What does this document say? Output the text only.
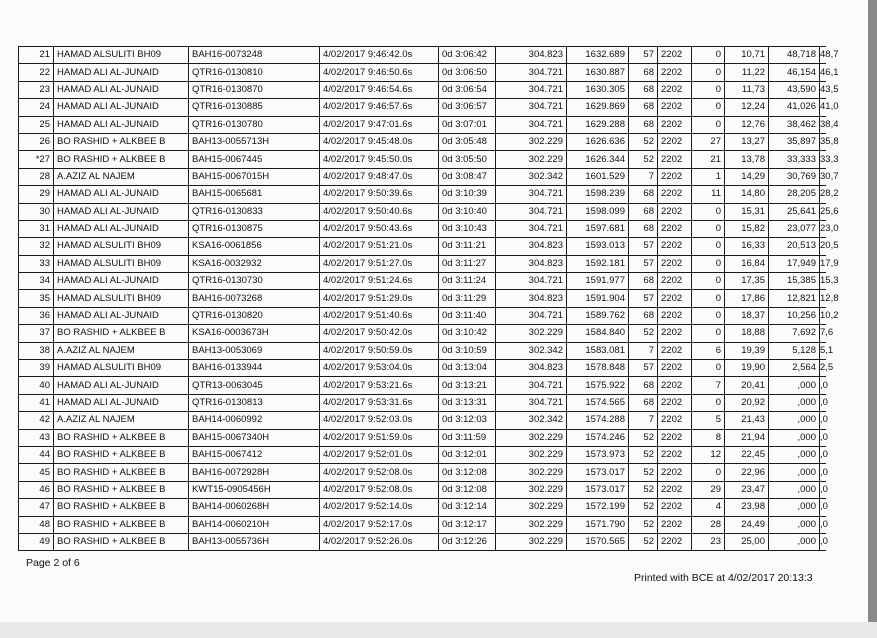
21	HAMAD ALSULITI BH09	BAH16-0073248	4/02/2017 9:46:42.0s	0d 3:06:42	304.823	1632.689	57	2202	0	10,71	48,718	48,7
22	HAMAD ALI AL-JUNAID	QTR16-0130810	4/02/2017 9:46:50.6s	0d 3:06:50	304.721	1630.887	68	2202	0	11,22	46,154	46,1
23	HAMAD ALI AL-JUNAID	QTR16-0130870	4/02/2017 9:46:54.6s	0d 3:06:54	304.721	1630.305	68	2202	0	11,73	43,590	43,5
24	HAMAD ALI AL-JUNAID	QTR16-0130885	4/02/2017 9:46:57.6s	0d 3:06:57	304.721	1629.869	68	2202	0	12,24	41,026	41,0
25	HAMAD ALI AL-JUNAID	QTR16-0130780	4/02/2017 9:47:01.6s	0d 3:07:01	304.721	1629.288	68	2202	0	12,76	38,462	38,4
26	BO RASHID + ALKBEE B	BAH13-0055713H	4/02/2017 9:45:48.0s	0d 3:05:48	302.229	1626.636	52	2202	27	13,27	35,897	35,8
*27	BO RASHID + ALKBEE B	BAH15-0067445	4/02/2017 9:45:50.0s	0d 3:05:50	302.229	1626.344	52	2202	21	13,78	33,333	33,3
28	A.AZIZ AL NAJEM	BAH15-0067015H	4/02/2017 9:48:47.0s	0d 3:08:47	302.342	1601.529	7	2202	1	14,29	30,769	30,7
29	HAMAD ALI AL-JUNAID	BAH15-0065681	4/02/2017 9:50:39.6s	0d 3:10:39	304.721	1598.239	68	2202	11	14,80	28,205	28,2
30	HAMAD ALI AL-JUNAID	QTR16-0130833	4/02/2017 9:50:40.6s	0d 3:10:40	304.721	1598.099	68	2202	0	15,31	25,641	25,6
31	HAMAD ALI AL-JUNAID	QTR16-0130875	4/02/2017 9:50:43.6s	0d 3:10:43	304.721	1597.681	68	2202	0	15,82	23,077	23,0
32	HAMAD ALSULITI BH09	KSA16-0061856	4/02/2017 9:51:21.0s	0d 3:11:21	304.823	1593.013	57	2202	0	16,33	20,513	20,5
33	HAMAD ALSULITI BH09	KSA16-0032932	4/02/2017 9:51:27.0s	0d 3:11:27	304.823	1592.181	57	2202	0	16,84	17,949	17,9
34	HAMAD ALI AL-JUNAID	QTR16-0130730	4/02/2017 9:51:24.6s	0d 3:11:24	304.721	1591.977	68	2202	0	17,35	15,385	15,3
35	HAMAD ALSULITI BH09	BAH16-0073268	4/02/2017 9:51:29.0s	0d 3:11:29	304.823	1591.904	57	2202	0	17,86	12,821	12,8
36	HAMAD ALI AL-JUNAID	QTR16-0130820	4/02/2017 9:51:40.6s	0d 3:11:40	304.721	1589.762	68	2202	0	18,37	10,256	10,2
37	BO RASHID + ALKBEE B	KSA16-0003673H	4/02/2017 9:50:42.0s	0d 3:10:42	302.229	1584.840	52	2202	0	18,88	7,692	7,6
38	A.AZIZ AL NAJEM	BAH13-0053069	4/02/2017 9:50:59.0s	0d 3:10:59	302.342	1583.081	7	2202	6	19,39	5,128	5,1
39	HAMAD ALSULITI BH09	BAH16-0133944	4/02/2017 9:53:04.0s	0d 3:13:04	304.823	1578.848	57	2202	0	19,90	2,564	2,5
40	HAMAD ALI AL-JUNAID	QTR13-0063045	4/02/2017 9:53:21.6s	0d 3:13:21	304.721	1575.922	68	2202	7	20,41	,000	,0
41	HAMAD ALI AL-JUNAID	QTR16-0130813	4/02/2017 9:53:31.6s	0d 3:13:31	304.721	1574.565	68	2202	0	20,92	,000	,0
42	A.AZIZ AL NAJEM	BAH14-0060992	4/02/2017 9:52:03.0s	0d 3:12:03	302.342	1574.288	7	2202	5	21,43	,000	,0
43	BO RASHID + ALKBEE B	BAH15-0067340H	4/02/2017 9:51:59.0s	0d 3:11:59	302.229	1574.246	52	2202	8	21,94	,000	,0
44	BO RASHID + ALKBEE B	BAH15-0067412	4/02/2017 9:52:01.0s	0d 3:12:01	302.229	1573.973	52	2202	12	22,45	,000	,0
45	BO RASHID + ALKBEE B	BAH16-0072928H	4/02/2017 9:52:08.0s	0d 3:12:08	302.229	1573.017	52	2202	0	22,96	,000	,0
46	BO RASHID + ALKBEE B	KWT15-0905456H	4/02/2017 9:52:08.0s	0d 3:12:08	302.229	1573.017	52	2202	29	23,47	,000	,0
47	BO RASHID + ALKBEE B	BAH14-0060268H	4/02/2017 9:52:14.0s	0d 3:12:14	302.229	1572.199	52	2202	4	23,98	,000	,0
48	BO RASHID + ALKBEE B	BAH14-0060210H	4/02/2017 9:52:17.0s	0d 3:12:17	302.229	1571.790	52	2202	28	24,49	,000	,0
49	BO RASHID + ALKBEE B	BAH13-0055736H	4/02/2017 9:52:26.0s	0d 3:12:26	302.229	1570.565	52	2202	23	25,00	,000	,0
Page 2 of 6
Printed with BCE at 4/02/2017 20:13:3
